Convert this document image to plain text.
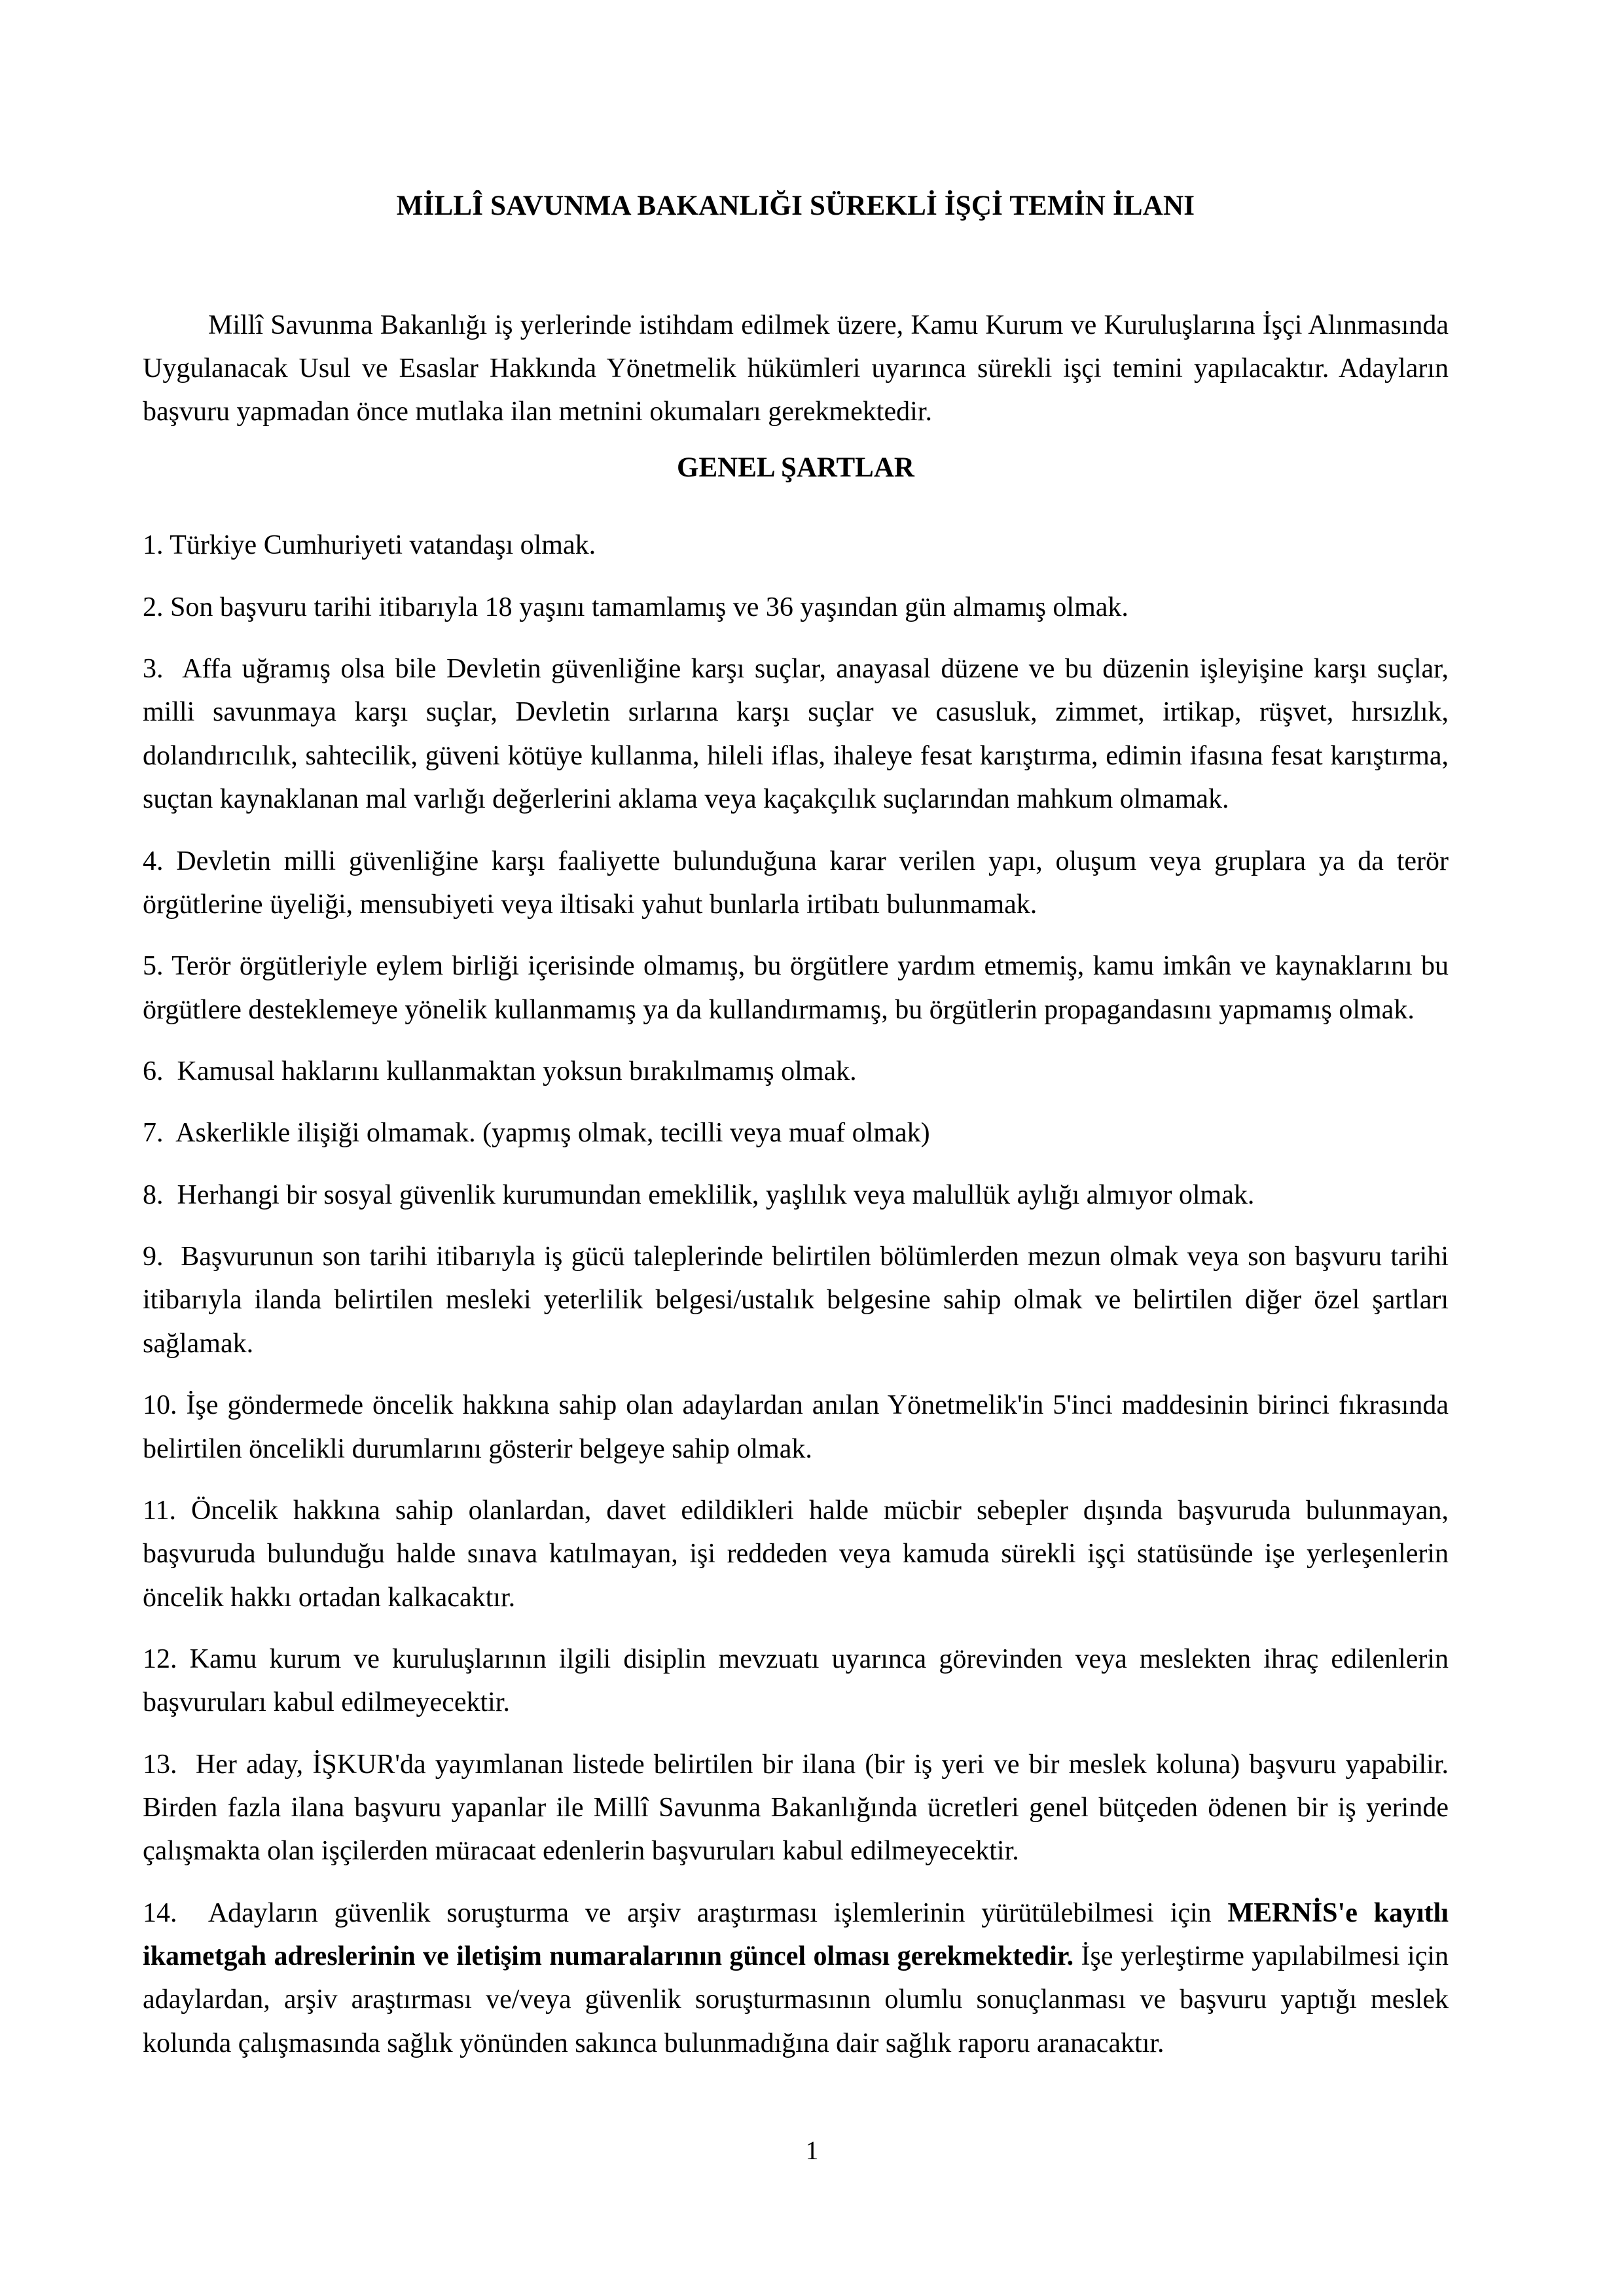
MİLLÎ SAVUNMA BAKANLIĞI SÜREKLİ İŞÇİ TEMİN İLANI

Millî Savunma Bakanlığı iş yerlerinde istihdam edilmek üzere, Kamu Kurum ve Kuruluşlarına İşçi Alınmasında Uygulanacak Usul ve Esaslar Hakkında Yönetmelik hükümleri uyarınca sürekli işçi temini yapılacaktır. Adayların başvuru yapmadan önce mutlaka ilan metnini okumaları gerekmektedir.

GENEL ŞARTLAR

1. Türkiye Cumhuriyeti vatandaşı olmak.

2. Son başvuru tarihi itibarıyla 18 yaşını tamamlamış ve 36 yaşından gün almamış olmak.

3.  Affa uğramış olsa bile Devletin güvenliğine karşı suçlar, anayasal düzene ve bu düzenin işleyişine karşı suçlar, milli savunmaya karşı suçlar, Devletin sırlarına karşı suçlar ve casusluk, zimmet, irtikap, rüşvet, hırsızlık, dolandırıcılık, sahtecilik, güveni kötüye kullanma, hileli iflas, ihaleye fesat karıştırma, edimin ifasına fesat karıştırma, suçtan kaynaklanan mal varlığı değerlerini aklama veya kaçakçılık suçlarından mahkum olmamak.

4. Devletin milli güvenliğine karşı faaliyette bulunduğuna karar verilen yapı, oluşum veya gruplara ya da terör örgütlerine üyeliği, mensubiyeti veya iltisaki yahut bunlarla irtibatı bulunmamak.

5. Terör örgütleriyle eylem birliği içerisinde olmamış, bu örgütlere yardım etmemiş, kamu imkân ve kaynaklarını bu örgütlere desteklemeye yönelik kullanmamış ya da kullandırmamış, bu örgütlerin propagandasını yapmamış olmak.

6.  Kamusal haklarını kullanmaktan yoksun bırakılmamış olmak.

7.  Askerlikle ilişiği olmamak. (yapmış olmak, tecilli veya muaf olmak)

8.  Herhangi bir sosyal güvenlik kurumundan emeklilik, yaşlılık veya malullük aylığı almıyor olmak.

9.  Başvurunun son tarihi itibarıyla iş gücü taleplerinde belirtilen bölümlerden mezun olmak veya son başvuru tarihi itibarıyla ilanda belirtilen mesleki yeterlilik belgesi/ustalık belgesine sahip olmak ve belirtilen diğer özel şartları sağlamak.

10. İşe göndermede öncelik hakkına sahip olan adaylardan anılan Yönetmelik'in 5'inci maddesinin birinci fıkrasında belirtilen öncelikli durumlarını gösterir belgeye sahip olmak.

11. Öncelik hakkına sahip olanlardan, davet edildikleri halde mücbir sebepler dışında başvuruda bulunmayan, başvuruda bulunduğu halde sınava katılmayan, işi reddeden veya kamuda sürekli işçi statüsünde işe yerleşenlerin öncelik hakkı ortadan kalkacaktır.

12. Kamu kurum ve kuruluşlarının ilgili disiplin mevzuatı uyarınca görevinden veya meslekten ihraç edilenlerin başvuruları kabul edilmeyecektir.

13.  Her aday, İŞKUR'da yayımlanan listede belirtilen bir ilana (bir iş yeri ve bir meslek koluna) başvuru yapabilir. Birden fazla ilana başvuru yapanlar ile Millî Savunma Bakanlığında ücretleri genel bütçeden ödenen bir iş yerinde çalışmakta olan işçilerden müracaat edenlerin başvuruları kabul edilmeyecektir.

14.  Adayların güvenlik soruşturma ve arşiv araştırması işlemlerinin yürütülebilmesi için MERNİS'e kayıtlı ikametgah adreslerinin ve iletişim numaralarının güncel olması gerekmektedir. İşe yerleştirme yapılabilmesi için adaylardan, arşiv araştırması ve/veya güvenlik soruşturmasının olumlu sonuçlanması ve başvuru yaptığı meslek kolunda çalışmasında sağlık yönünden sakınca bulunmadığına dair sağlık raporu aranacaktır.

1
